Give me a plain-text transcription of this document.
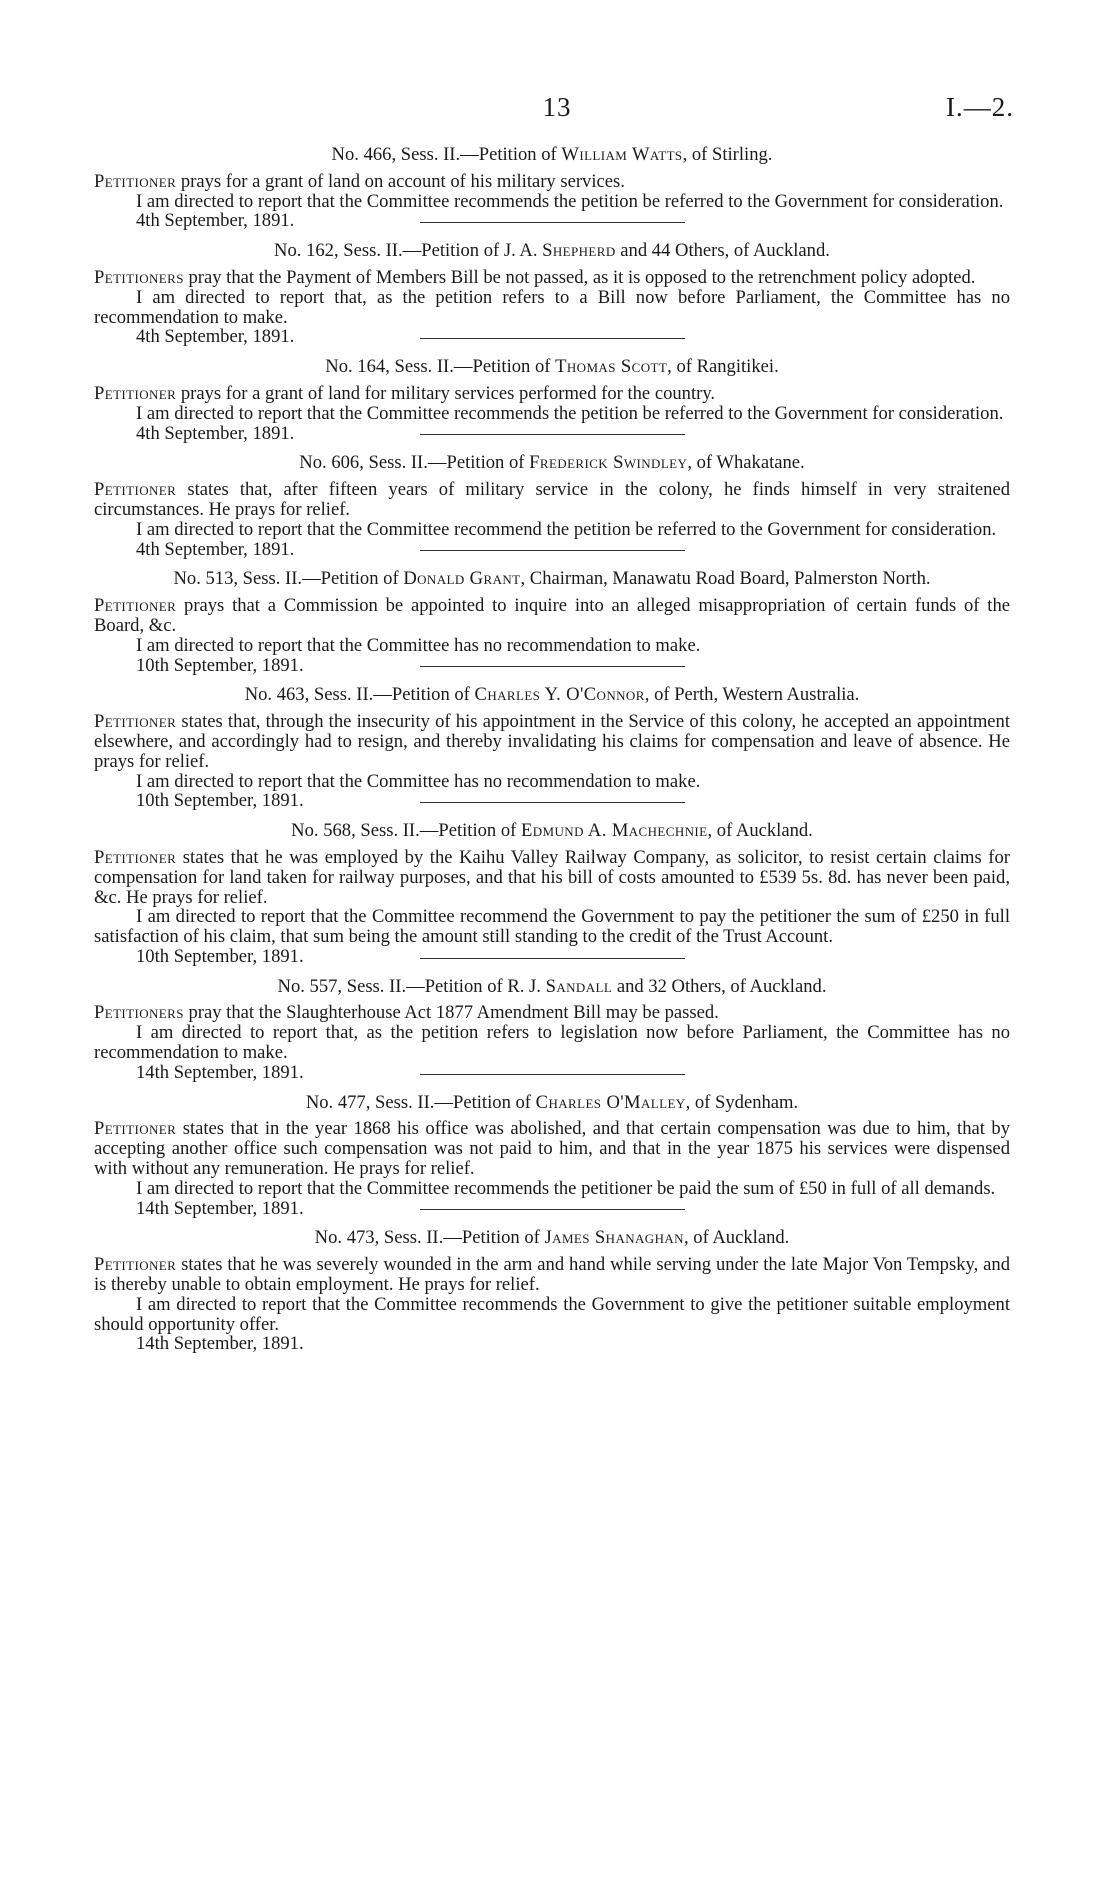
13	I.—2.

No. 466, Sess. II.—Petition of William Watts, of Stirling.

Petitioner prays for a grant of land on account of his military services.

I am directed to report that the Committee recommends the petition be referred to the Government for consideration.

4th September, 1891.

No. 162, Sess. II.—Petition of J. A. Shepherd and 44 Others, of Auckland.

Petitioners pray that the Payment of Members Bill be not passed, as it is opposed to the retrenchment policy adopted.

I am directed to report that, as the petition refers to a Bill now before Parliament, the Committee has no recommendation to make.

4th September, 1891.

No. 164, Sess. II.—Petition of Thomas Scott, of Rangitikei.

Petitioner prays for a grant of land for military services performed for the country.

I am directed to report that the Committee recommends the petition be referred to the Government for consideration.

4th September, 1891.

No. 606, Sess. II.—Petition of Frederick Swindley, of Whakatane.

Petitioner states that, after fifteen years of military service in the colony, he finds himself in very straitened circumstances. He prays for relief.

I am directed to report that the Committee recommend the petition be referred to the Government for consideration.

4th September, 1891.

No. 513, Sess. II.—Petition of Donald Grant, Chairman, Manawatu Road Board, Palmerston North.

Petitioner prays that a Commission be appointed to inquire into an alleged misappropriation of certain funds of the Board, &c.

I am directed to report that the Committee has no recommendation to make.

10th September, 1891.

No. 463, Sess. II.—Petition of Charles Y. O'Connor, of Perth, Western Australia.

Petitioner states that, through the insecurity of his appointment in the Service of this colony, he accepted an appointment elsewhere, and accordingly had to resign, and thereby invalidating his claims for compensation and leave of absence. He prays for relief.

I am directed to report that the Committee has no recommendation to make.

10th September, 1891.

No. 568, Sess. II.—Petition of Edmund A. Machechnie, of Auckland.

Petitioner states that he was employed by the Kaihu Valley Railway Company, as solicitor, to resist certain claims for compensation for land taken for railway purposes, and that his bill of costs amounted to £539 5s. 8d. has never been paid, &c. He prays for relief.

I am directed to report that the Committee recommend the Government to pay the petitioner the sum of £250 in full satisfaction of his claim, that sum being the amount still standing to the credit of the Trust Account.

10th September, 1891.

No. 557, Sess. II.—Petition of R. J. Sandall and 32 Others, of Auckland.

Petitioners pray that the Slaughterhouse Act 1877 Amendment Bill may be passed.

I am directed to report that, as the petition refers to legislation now before Parliament, the Committee has no recommendation to make.

14th September, 1891.

No. 477, Sess. II.—Petition of Charles O'Malley, of Sydenham.

Petitioner states that in the year 1868 his office was abolished, and that certain compensation was due to him, that by accepting another office such compensation was not paid to him, and that in the year 1875 his services were dispensed with without any remuneration. He prays for relief.

I am directed to report that the Committee recommends the petitioner be paid the sum of £50 in full of all demands.

14th September, 1891.

No. 473, Sess. II.—Petition of James Shanaghan, of Auckland.

Petitioner states that he was severely wounded in the arm and hand while serving under the late Major Von Tempsky, and is thereby unable to obtain employment. He prays for relief.

I am directed to report that the Committee recommends the Government to give the petitioner suitable employment should opportunity offer.

14th September, 1891.
